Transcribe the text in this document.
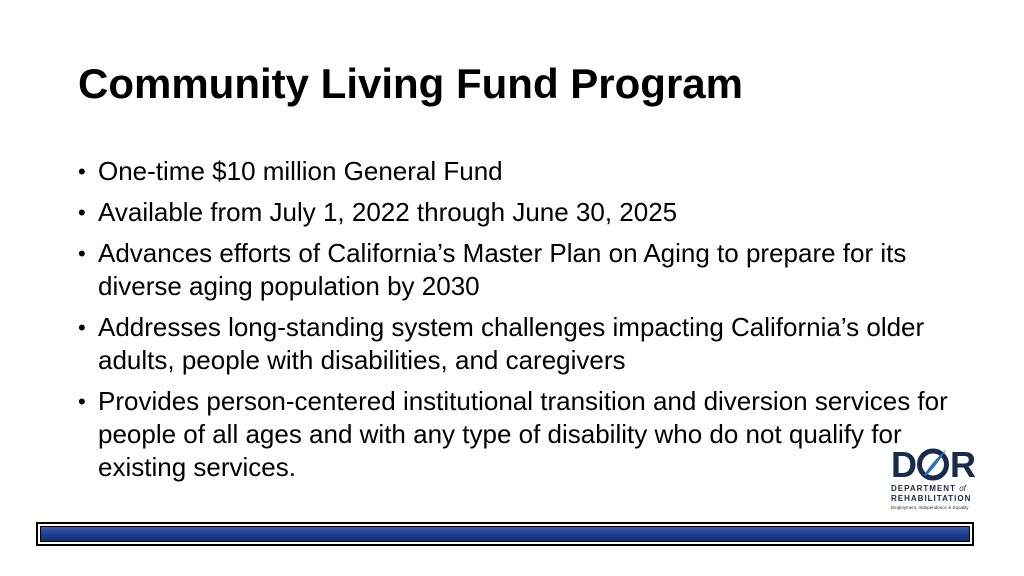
Community Living Fund Program
• One-time $10 million General Fund
• Available from July 1, 2022 through June 30, 2025
• Advances efforts of California’s Master Plan on Aging to prepare for its diverse aging population by 2030
• Addresses long-standing system challenges impacting California’s older adults, people with disabilities, and caregivers
• Provides person-centered institutional transition and diversion services for people of all ages and with any type of disability who do not qualify for existing services.	D R
DEPARTMENT of
REHABILITATION
Employment, Independence & Equality
